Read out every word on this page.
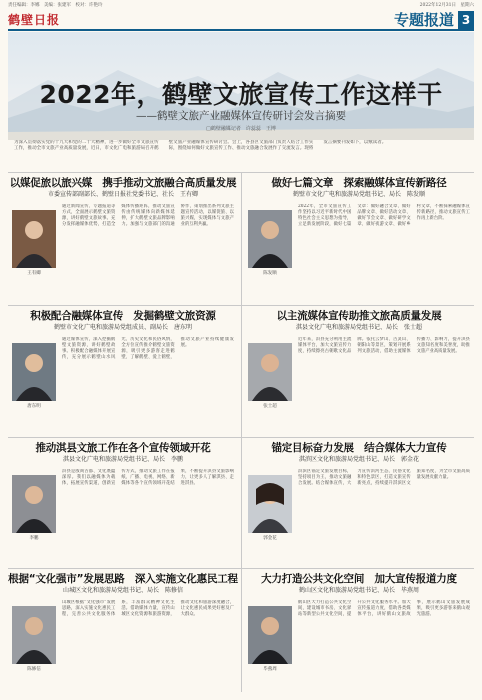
责任编辑：李娜　美编：张建军　校对：许艳玲	2022年12月31日　星期六
鹤壁日报	专题报道 3
2022年，鹤壁文旅宣传工作这样干
——鹤壁文旅产业融媒体宣传研讨会发言摘要
□鹤壁融媒记者　许蕊蕊　王博
为深入贯彻落实党的十九大和党的二十大精神，进一步做好全市文旅宣传工作，推动全市文旅产业高质量发展，近日，市文化广电和旅游局召开鹤壁文旅产业融媒体宣传研讨会。会上，各县区文旅部门负责人结合工作实际，围绕如何做好文旅宣传工作、推动文旅融合发展作了交流发言。现将发言摘要刊发如下，以飨读者。
以媒促旅以旅兴媒　携手推动文旅融合高质量发展
市委宣传部副部长、鹤壁日报社党委书记、社长　王有卿
王有卿
通过新闻宣传、专题报道等方式，全面展示鹤壁文旅资源，讲好鹤壁文旅故事。充分发挥融媒体优势，打造全媒体传播矩阵，推动文旅宣传由传统媒体向新媒体延伸，扩大鹤壁文旅品牌影响力。加强与文旅部门的沟通协作，策划推出系列文旅主题宣传活动，以媒促旅、以旅兴媒，实现媒体与文旅产业的互利共赢。
做好七篇文章　探索融媒体宣传新路径
鹤壁市文化广电和旅游局党组书记、局长　陈发顺
陈发顺
2022年，全市文旅宣传工作坚持以习近平新时代中国特色社会主义思想为指导，立足新发展阶段，做好七篇文章：做好融合文章、做好品牌文章、做好活动文章、做好节会文章、做好研学文章、做好夜游文章、做好乡村文章，不断探索融媒体宣传新路径，推动文旅宣传工作再上新台阶。
积极配合融媒体宣传　发掘鹤壁文旅资源
鹤壁市文化广电和旅游局党组成员、副局长　唐东明
唐东明
通过媒体宣传，深入挖掘鹤壁文旅资源，讲好鹤壁故事。积极配合融媒体开展宣传，充分展示鹤壁山水风光、历史文化和民俗风情，全方位宣传推介鹤壁文旅资源，吸引更多游客走进鹤壁、了解鹤壁、爱上鹤壁，推动文旅产业持续健康发展。
以主流媒体宣传助推文旅高质量发展
淇县文化广电和旅游局党组书记、局长　张士超
张士超
近年来，淇县充分利用主流媒体平台，加大文旅宣传力度，持续擦亮古朝歌文化品牌。依托云梦山、古灵山、朝阳山等景区，策划开展系列文旅活动，借助主流媒体传播力、影响力，提升淇县文旅知名度和美誉度，助推文旅产业高质量发展。
推动淇县文旅工作在各个宣传领域开花
淇县文化广电和旅游局党组书记、局长　李鹏
李鹏
淇县是殷商古都、文化底蕴深厚。我们以融媒体为载体，拓展宣传渠道，创新宣传方式，推动文旅工作在报纸、广播、电视、网络、新媒体等各个宣传领域开花结果，不断提升淇县文旅影响力，让更多人了解淇县、走进淇县。
锚定目标奋力发展　结合媒体大力宣传
淇滨区文化和旅游局党组书记、局长　郭金花
郭金花
淇滨区锚定文旅发展目标，坚持项目为王，推动文旅融合发展。结合媒体宣传，大力宣传淇河生态、民俗文化和特色景区，打造文旅宣传新亮点，持续提升淇滨区文旅知名度，为全市文旅高质量发展贡献力量。
根据“文化强市”发展思路　深入实施文化惠民工程
山城区文化和旅游局党组书记、局长　陈修信
陈修信
山城区根据“文化强市”发展思路，深入实施文化惠民工程，完善公共文化服务体系，丰富群众精神文化生活。借助媒体力量，宣传山城区文化资源和旅游资源，推动文化和旅游深度融合，让文化惠民成果更好惠及广大群众。
大力打造公共文化空间　加大宣传报道力度
鹤山区文化和旅游局党组书记、局长　毕燕周
毕燕周
鹤山区大力打造公共文化空间，建设城市书房、文化驿站等新型公共文化空间，提升公共文化服务水平。加大宣传报道力度，借助各类媒体平台，讲好鹤山文旅故事，展示鹤山文旅发展成果，吸引更多游客来鹤山观光旅游。
